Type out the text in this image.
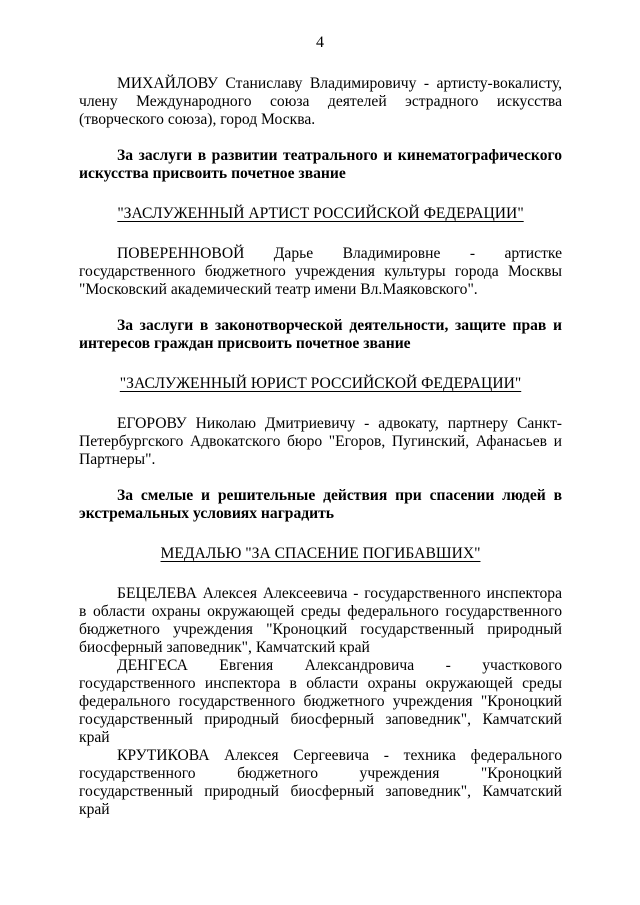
4

МИХАЙЛОВУ Станиславу Владимировичу - артисту-вокалисту, члену Международного союза деятелей эстрадного искусства (творческого союза), город Москва.

За заслуги в развитии театрального и кинематографического искусства присвоить почетное звание

"ЗАСЛУЖЕННЫЙ АРТИСТ РОССИЙСКОЙ ФЕДЕРАЦИИ"

ПОВЕРЕННОВОЙ Дарье Владимировне - артистке государственного бюджетного учреждения культуры города Москвы "Московский академический театр имени Вл.Маяковского".

За заслуги в законотворческой деятельности, защите прав и интересов граждан присвоить почетное звание

"ЗАСЛУЖЕННЫЙ ЮРИСТ РОССИЙСКОЙ ФЕДЕРАЦИИ"

ЕГОРОВУ Николаю Дмитриевичу - адвокату, партнеру Санкт-Петербургского Адвокатского бюро "Егоров, Пугинский, Афанасьев и Партнеры".

За смелые и решительные действия при спасении людей в экстремальных условиях наградить

МЕДАЛЬЮ "ЗА СПАСЕНИЕ ПОГИБАВШИХ"

БЕЦЕЛЕВА Алексея Алексеевича - государственного инспектора в области охраны окружающей среды федерального государственного бюджетного учреждения "Кроноцкий государственный природный биосферный заповедник", Камчатский край

ДЕНГЕСА Евгения Александровича - участкового государственного инспектора в области охраны окружающей среды федерального государственного бюджетного учреждения "Кроноцкий государственный природный биосферный заповедник", Камчатский край

КРУТИКОВА Алексея Сергеевича - техника федерального государственного бюджетного учреждения "Кроноцкий государственный природный биосферный заповедник", Камчатский край
